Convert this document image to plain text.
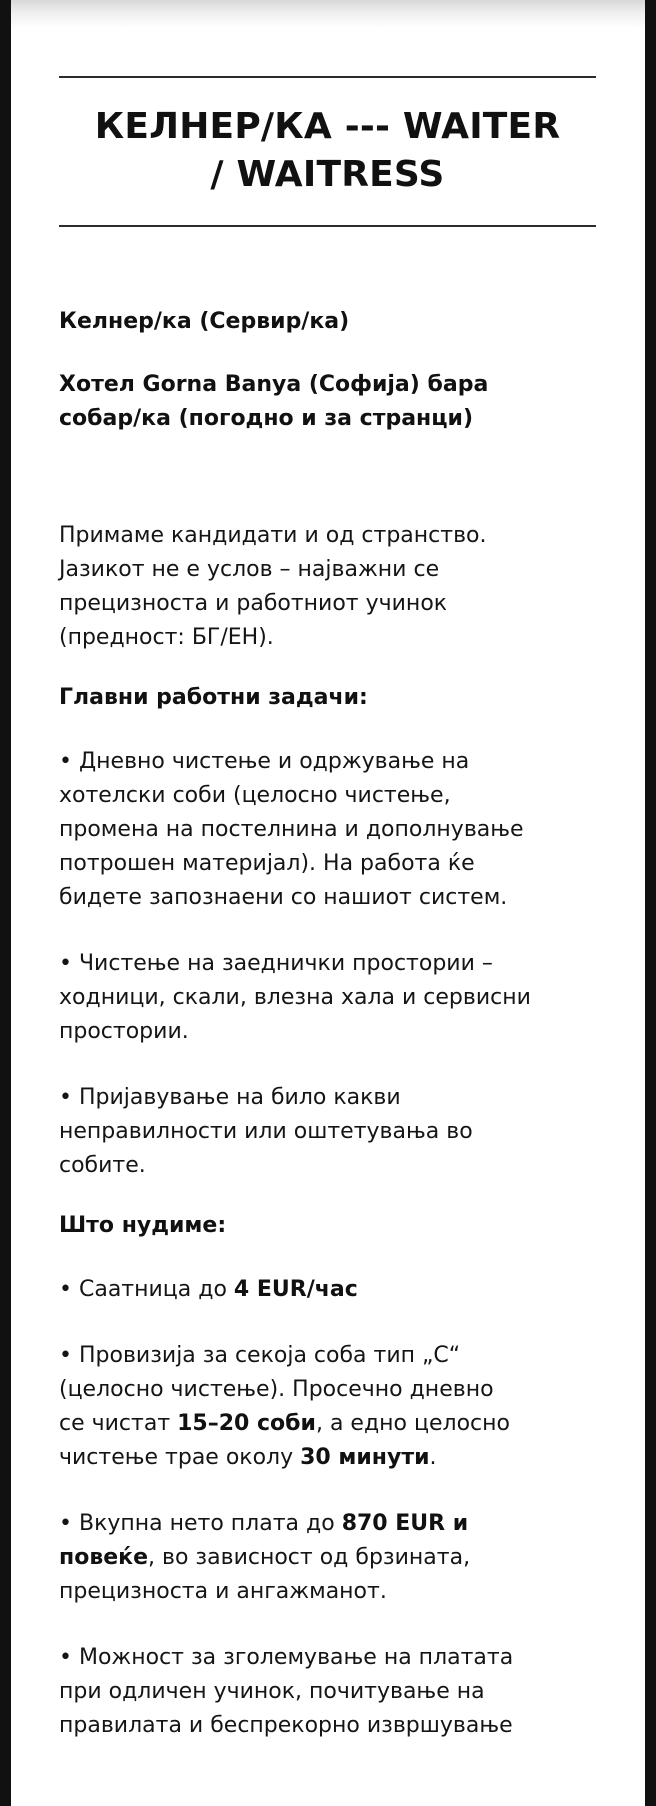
КЕЛНЕР/КА --- WAITER
/ WAITRESS
Келнер/ка (Сервир/ка)
Хотел Gorna Banya (Софија) бара
собар/ка (погодно и за странци)

Примаме кандидати и од странство.
Јазикот не е услов – најважни се
прецизноста и работниот учинок
(предност: БГ/ЕН).

Главни работни задачи:

• Дневно чистење и одржување на
хотелски соби (целосно чистење,
промена на постелнина и дополнување
потрошен материјал). На работа ќе
бидете запознаени со нашиот систем.

• Чистење на заеднички простории –
ходници, скали, влезна хала и сервисни
простории.

• Пријавување на било какви
неправилности или оштетувања во
собите.

Што нудиме:

• Саатница до 4 EUR/час

• Провизија за секоја соба тип „С“
(целосно чистење). Просечно дневно
се чистат 15–20 соби, а едно целосно
чистење трае околу 30 минути.

• Вкупна нето плата до 870 EUR и
повеќе, во зависност од брзината,
прецизноста и ангажманот.

• Можност за зголемување на платата
при одличен учинок, почитување на
правилата и беспрекорно извршување
